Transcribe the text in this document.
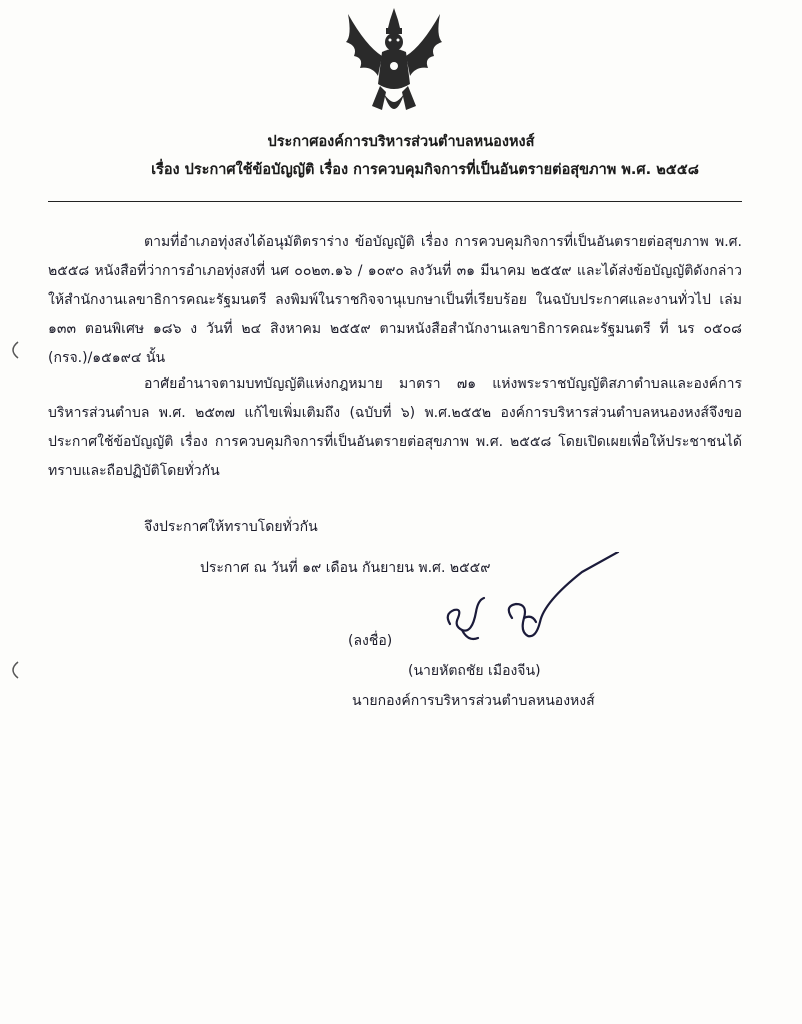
ประกาศองค์การบริหารส่วนตำบลหนองหงส์
เรื่อง ประกาศใช้ข้อบัญญัติ เรื่อง การควบคุมกิจการที่เป็นอันตรายต่อสุขภาพ พ.ศ. ๒๕๕๘

ตามที่อำเภอทุ่งสงได้อนุมัติตราร่าง ข้อบัญญัติ เรื่อง การควบคุมกิจการที่เป็นอันตรายต่อสุขภาพ พ.ศ. ๒๕๕๘ หนังสือที่ว่าการอำเภอทุ่งสงที่ นศ ๐๐๒๓.๑๖ / ๑๐๙๐ ลงวันที่ ๓๑ มีนาคม ๒๕๕๙ และได้ส่งข้อบัญญัติดังกล่าวให้สำนักงานเลขาธิการคณะรัฐมนตรี ลงพิมพ์ในราชกิจจานุเบกษาเป็นที่เรียบร้อย ในฉบับประกาศและงานทั่วไป เล่ม ๑๓๓ ตอนพิเศษ ๑๘๖ ง วันที่ ๒๔ สิงหาคม ๒๕๕๙ ตามหนังสือสำนักงานเลขาธิการคณะรัฐมนตรี ที่ นร ๐๕๐๘ (กรจ.)/๑๕๑๙๔ นั้น

อาศัยอำนาจตามบทบัญญัติแห่งกฎหมาย มาตรา ๗๑ แห่งพระราชบัญญัติสภาตำบลและองค์การบริหารส่วนตำบล พ.ศ. ๒๕๓๗ แก้ไขเพิ่มเติมถึง (ฉบับที่ ๖) พ.ศ.๒๕๕๒ องค์การบริหารส่วนตำบลหนองหงส์จึงขอประกาศใช้ข้อบัญญัติ เรื่อง การควบคุมกิจการที่เป็นอันตรายต่อสุขภาพ พ.ศ. ๒๕๕๘ โดยเปิดเผยเพื่อให้ประชาชนได้ทราบและถือปฏิบัติโดยทั่วกัน

จึงประกาศให้ทราบโดยทั่วกัน
ประกาศ ณ วันที่ ๑๙ เดือน กันยายน พ.ศ. ๒๕๕๙
(ลงชื่อ)
(นายหัตถชัย เมืองจีน)
นายกองค์การบริหารส่วนตำบลหนองหงส์
